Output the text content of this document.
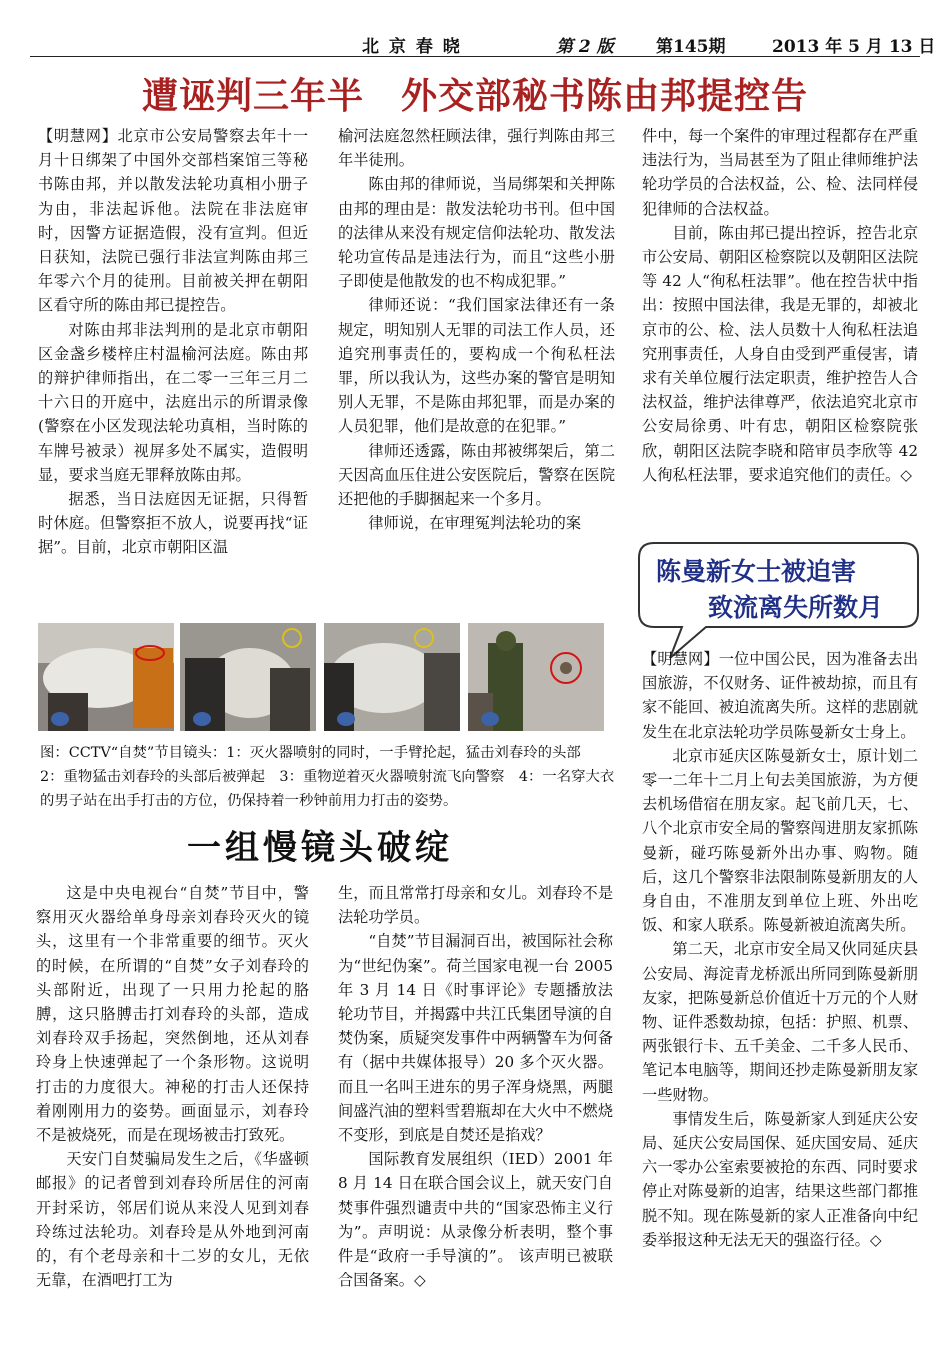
北 京 春 晓	第 2 版 第145期	2013 年 5 月 13 日
遭诬判三年半　外交部秘书陈由邦提控告

【明慧网】北京市公安局警察去年十一月十日绑架了中国外交部档案馆三等秘书陈由邦，并以散发法轮功真相小册子为由，非法起诉他。法院在非法庭审时，因警方证据造假，没有宣判。但近日获知，法院已强行非法宣判陈由邦三年零六个月的徒刑。目前被关押在朝阳区看守所的陈由邦已提控告。

对陈由邦非法判刑的是北京市朝阳区金盏乡楼梓庄村温榆河法庭。陈由邦的辩护律师指出，在二零一三年三月二十六日的开庭中，法庭出示的所谓录像(警察在小区发现法轮功真相，当时陈的车牌号被录）视屏多处不属实，造假明显，要求当庭无罪释放陈由邦。

据悉，当日法庭因无证据，只得暂时休庭。但警察拒不放人，说要再找“证据”。目前，北京市朝阳区温

榆河法庭忽然枉顾法律，强行判陈由邦三年半徒刑。

陈由邦的律师说，当局绑架和关押陈由邦的理由是：散发法轮功书刊。但中国的法律从来没有规定信仰法轮功、散发法轮功宣传品是违法行为，而且“这些小册子即使是他散发的也不构成犯罪。”

律师还说：“我们国家法律还有一条规定，明知别人无罪的司法工作人员，还追究刑事责任的，要构成一个徇私枉法罪，所以我认为，这些办案的警官是明知别人无罪，不是陈由邦犯罪，而是办案的人员犯罪，他们是故意的在犯罪。”

律师还透露，陈由邦被绑架后，第二天因高血压住进公安医院后，警察在医院还把他的手脚捆起来一个多月。

律师说，在审理冤判法轮功的案

件中，每一个案件的审理过程都存在严重违法行为，当局甚至为了阻止律师维护法轮功学员的合法权益，公、检、法同样侵犯律师的合法权益。

目前，陈由邦已提出控诉，控告北京市公安局、朝阳区检察院以及朝阳区法院等 42 人“徇私枉法罪”。他在控告状中指出：按照中国法律，我是无罪的，却被北京市的公、检、法人员数十人徇私枉法追究刑事责任，人身自由受到严重侵害，请求有关单位履行法定职责，维护控告人合法权益，维护法律尊严，依法追究北京市公安局徐勇、叶有忠，朝阳区检察院张欣，朝阳区法院李晓和陪审员李欣等 42 人徇私枉法罪，要求追究他们的责任。◇

图：CCTV“自焚”节目镜头：1：灭火器喷射的同时，一手臂抡起，猛击刘春玲的头部　2：重物猛击刘春玲的头部后被弹起　3：重物逆着灭火器喷射流飞向警察　4：一名穿大衣的男子站在出手打击的方位，仍保持着一秒钟前用力打击的姿势。
一组慢镜头破绽

这是中央电视台“自焚”节目中，警察用灭火器给单身母亲刘春玲灭火的镜头，这里有一个非常重要的细节。灭火的时候，在所谓的“自焚”女子刘春玲的头部附近，出现了一只用力抡起的胳膊，这只胳膊击打刘春玲的头部，造成刘春玲双手扬起，突然倒地，还从刘春玲身上快速弹起了一个条形物。这说明打击的力度很大。神秘的打击人还保持着刚刚用力的姿势。画面显示，刘春玲不是被烧死，而是在现场被击打致死。

天安门自焚骗局发生之后，《华盛顿邮报》的记者曾到刘春玲所居住的河南开封采访，邻居们说从来没人见到刘春玲练过法轮功。刘春玲是从外地到河南的，有个老母亲和十二岁的女儿，无依无靠，在酒吧打工为

生，而且常常打母亲和女儿。刘春玲不是法轮功学员。

“自焚”节目漏洞百出，被国际社会称为“世纪伪案”。荷兰国家电视一台 2005 年 3 月 14 日《时事评论》专题播放法轮功节目，并揭露中共江氏集团导演的自焚伪案，质疑突发事件中两辆警车为何备有（据中共媒体报导）20 多个灭火器。而且一名叫王进东的男子浑身烧黑，两腿间盛汽油的塑料雪碧瓶却在大火中不燃烧不变形，到底是自焚还是掐戏？

国际教育发展组织（IED）2001 年 8 月 14 日在联合国会议上，就天安门自焚事件强烈谴责中共的“国家恐怖主义行为”。声明说：从录像分析表明，整个事件是“政府一手导演的”。 该声明已被联合国备案。◇

陈曼新女士被迫害
致流离失所数月

【明慧网】一位中国公民，因为准备去出国旅游，不仅财务、证件被劫掠，而且有家不能回、被迫流离失所。这样的悲剧就发生在北京法轮功学员陈曼新女士身上。

北京市延庆区陈曼新女士，原计划二零一二年十二月上旬去美国旅游，为方便去机场借宿在朋友家。起飞前几天，七、八个北京市安全局的警察闯进朋友家抓陈曼新，碰巧陈曼新外出办事、购物。随后，这几个警察非法限制陈曼新朋友的人身自由，不准朋友到单位上班、外出吃饭、和家人联系。陈曼新被迫流离失所。

第二天，北京市安全局又伙同延庆县公安局、海淀青龙桥派出所同到陈曼新朋友家，把陈曼新总价值近十万元的个人财物、证件悉数劫掠，包括：护照、机票、两张银行卡、五千美金、二千多人民币、笔记本电脑等，期间还抄走陈曼新朋友家一些财物。

事情发生后，陈曼新家人到延庆公安局、延庆公安局国保、延庆国安局、延庆六一零办公室索要被抢的东西、同时要求停止对陈曼新的迫害，结果这些部门都推脱不知。现在陈曼新的家人正准备向中纪委举报这种无法无天的强盗行径。◇
